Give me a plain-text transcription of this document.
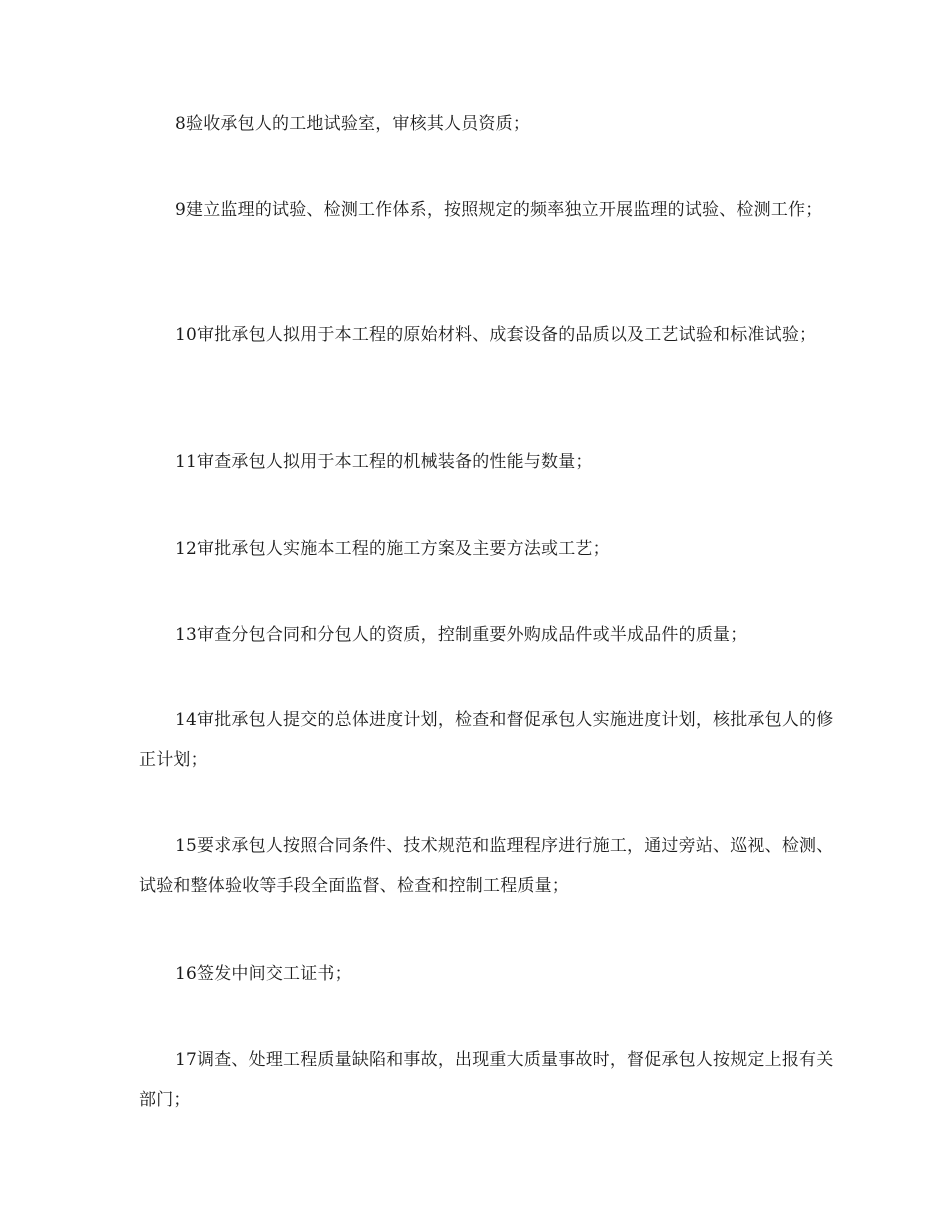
8验收承包人的工地试验室，审核其人员资质；

9建立监理的试验、检测工作体系，按照规定的频率独立开展监理的试验、检测工作；

10审批承包人拟用于本工程的原始材料、成套设备的品质以及工艺试验和标准试验；

11审查承包人拟用于本工程的机械装备的性能与数量；

12审批承包人实施本工程的施工方案及主要方法或工艺；

13审查分包合同和分包人的资质，控制重要外购成品件或半成品件的质量；

14审批承包人提交的总体进度计划，检查和督促承包人实施进度计划，核批承包人的修正计划；

15要求承包人按照合同条件、技术规范和监理程序进行施工，通过旁站、巡视、检测、试验和整体验收等手段全面监督、检查和控制工程质量；

16签发中间交工证书；

17调查、处理工程质量缺陷和事故，出现重大质量事故时，督促承包人按规定上报有关部门；
